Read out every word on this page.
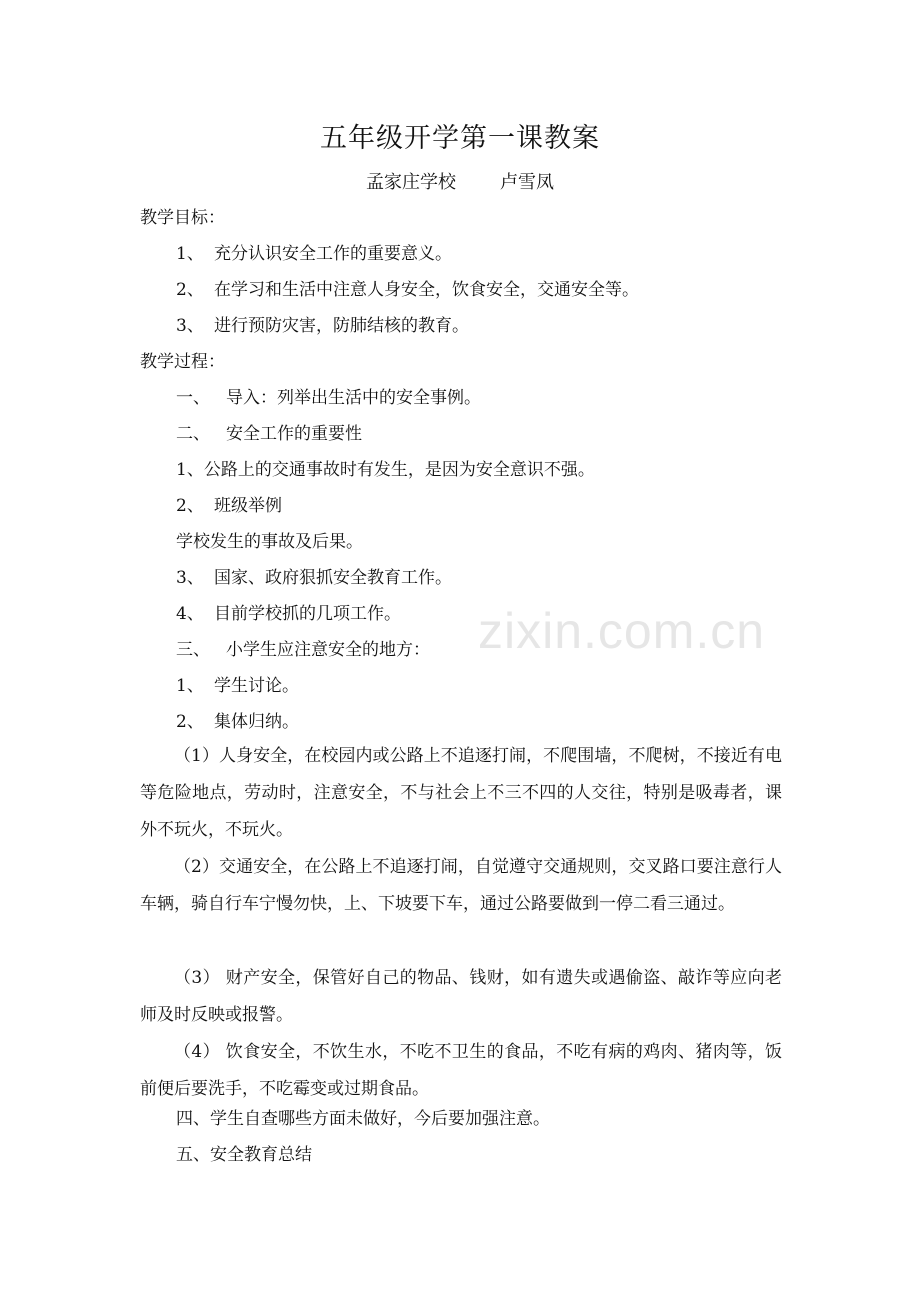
五年级开学第一课教案
孟家庄学校 卢雪凤
教学目标：
1、 充分认识安全工作的重要意义。
2、 在学习和生活中注意人身安全，饮食安全，交通安全等。
3、 进行预防灾害，防肺结核的教育。
教学过程：
一、 导入：列举出生活中的安全事例。
二、 安全工作的重要性
1、公路上的交通事故时有发生，是因为安全意识不强。
2、 班级举例
学校发生的事故及后果。
3、 国家、政府狠抓安全教育工作。
4、 目前学校抓的几项工作。
三、 小学生应注意安全的地方：
1、 学生讨论。
2、 集体归纳。
（1）人身安全，在校园内或公路上不追逐打闹，不爬围墙，不爬树，不接近有电等危险地点，劳动时，注意安全，不与社会上不三不四的人交往，特别是吸毒者，课外不玩火，不玩火。
（2）交通安全，在公路上不追逐打闹，自觉遵守交通规则，交叉路口要注意行人车辆，骑自行车宁慢勿快，上、下坡要下车，通过公路要做到一停二看三通过。
（3） 财产安全，保管好自己的物品、钱财，如有遗失或遇偷盗、敲诈等应向老师及时反映或报警。
（4） 饮食安全，不饮生水，不吃不卫生的食品，不吃有病的鸡肉、猪肉等，饭前便后要洗手，不吃霉变或过期食品。
四、学生自查哪些方面未做好，今后要加强注意。
五、安全教育总结
zixin.com.cn
